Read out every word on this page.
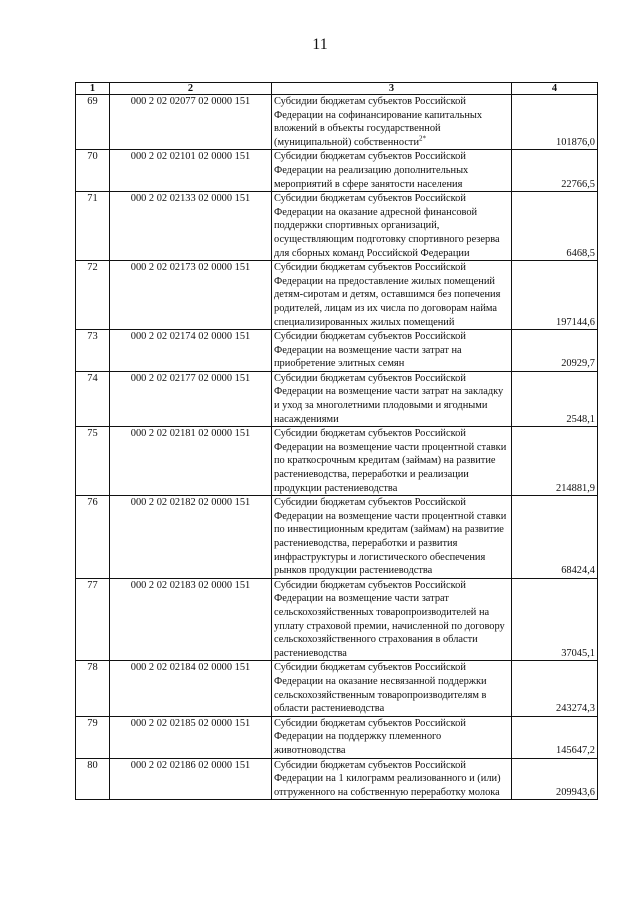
11
1	2	3	4
69	000 2 02 02077 02 0000 151	Субсидии бюджетам субъектов Российской Федерации на софинансирование капитальных вложений в объекты государственной (муниципальной) собственности$^{2*}$	101876,0
70	000 2 02 02101 02 0000 151	Субсидии бюджетам субъектов Российской Федерации на реализацию дополнительных мероприятий в сфере занятости населения	22766,5
71	000 2 02 02133 02 0000 151	Субсидии бюджетам субъектов Российской Федерации на оказание адресной финансовой поддержки спортивных организаций, осуществляющим подготовку спортивного резерва для сборных команд Российской Федерации	6468,5
72	000 2 02 02173 02 0000 151	Субсидии бюджетам субъектов Российской Федерации на предоставление жилых помещений детям-сиротам и детям, оставшимся без попечения родителей, лицам из их числа по договорам найма специализированных жилых помещений	197144,6
73	000 2 02 02174 02 0000 151	Субсидии бюджетам субъектов Российской Федерации на возмещение части затрат на приобретение элитных семян	20929,7
74	000 2 02 02177 02 0000 151	Субсидии бюджетам субъектов Российской Федерации на возмещение части затрат на закладку и уход за многолетними плодовыми и ягодными насаждениями	2548,1
75	000 2 02 02181 02 0000 151	Субсидии бюджетам субъектов Российской Федерации на возмещение части процентной ставки по краткосрочным кредитам (займам) на развитие растениеводства, переработки и реализации продукции растениеводства	214881,9
76	000 2 02 02182 02 0000 151	Субсидии бюджетам субъектов Российской Федерации на возмещение части процентной ставки по инвестиционным кредитам (займам) на развитие растениеводства, переработки и развития инфраструктуры и логистического обеспечения рынков продукции растениеводства	68424,4
77	000 2 02 02183 02 0000 151	Субсидии бюджетам субъектов Российской Федерации на возмещение части затрат сельскохозяйственных товаропроизводителей на уплату страховой премии, начисленной по договору сельскохозяйственного страхования в области растениеводства	37045,1
78	000 2 02 02184 02 0000 151	Субсидии бюджетам субъектов Российской Федерации на оказание несвязанной поддержки сельскохозяйственным товаропроизводителям в области растениеводства	243274,3
79	000 2 02 02185 02 0000 151	Субсидии бюджетам субъектов Российской Федерации на поддержку племенного животноводства	145647,2
80	000 2 02 02186 02 0000 151	Субсидии бюджетам субъектов Российской Федерации на 1 килограмм реализованного и (или) отгруженного на собственную переработку молока	209943,6
